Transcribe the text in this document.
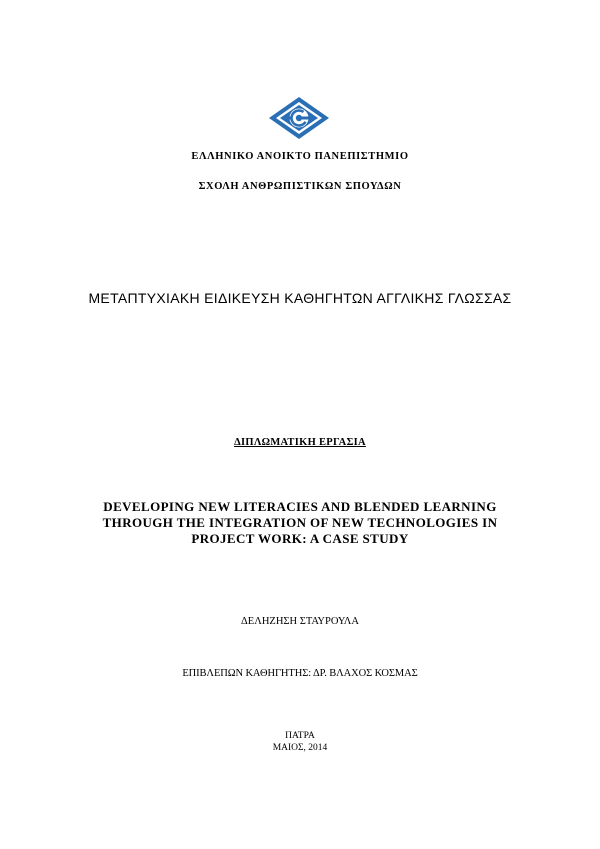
ΕΛΛΗΝΙΚΟ ΑΝΟΙΚΤΟ ΠΑΝΕΠΙΣΤΗΜΙΟ
ΣΧΟΛΗ ΑΝΘΡΩΠΙΣΤΙΚΩΝ ΣΠΟΥΔΩΝ
ΜΕΤΑΠΤΥΧΙΑΚΗ ΕΙΔΙΚΕΥΣΗ ΚΑΘΗΓΗΤΩΝ ΑΓΓΛΙΚΗΣ ΓΛΩΣΣΑΣ
ΔΙΠΛΩΜΑΤΙΚΗ ΕΡΓΑΣΙΑ
DEVELOPING NEW LITERACIES AND BLENDED LEARNING THROUGH THE INTEGRATION OF NEW TECHNOLOGIES IN PROJECT WORK: A CASE STUDY
ΔΕΛΗΖΗΣΗ ΣΤΑΥΡΟΥΛΑ
ΕΠΙΒΛΕΠΩΝ ΚΑΘΗΓΗΤΗΣ: ΔΡ. ΒΛΑΧΟΣ ΚΟΣΜΑΣ
ΠΑΤΡΑ
ΜΑΙΟΣ, 2014
